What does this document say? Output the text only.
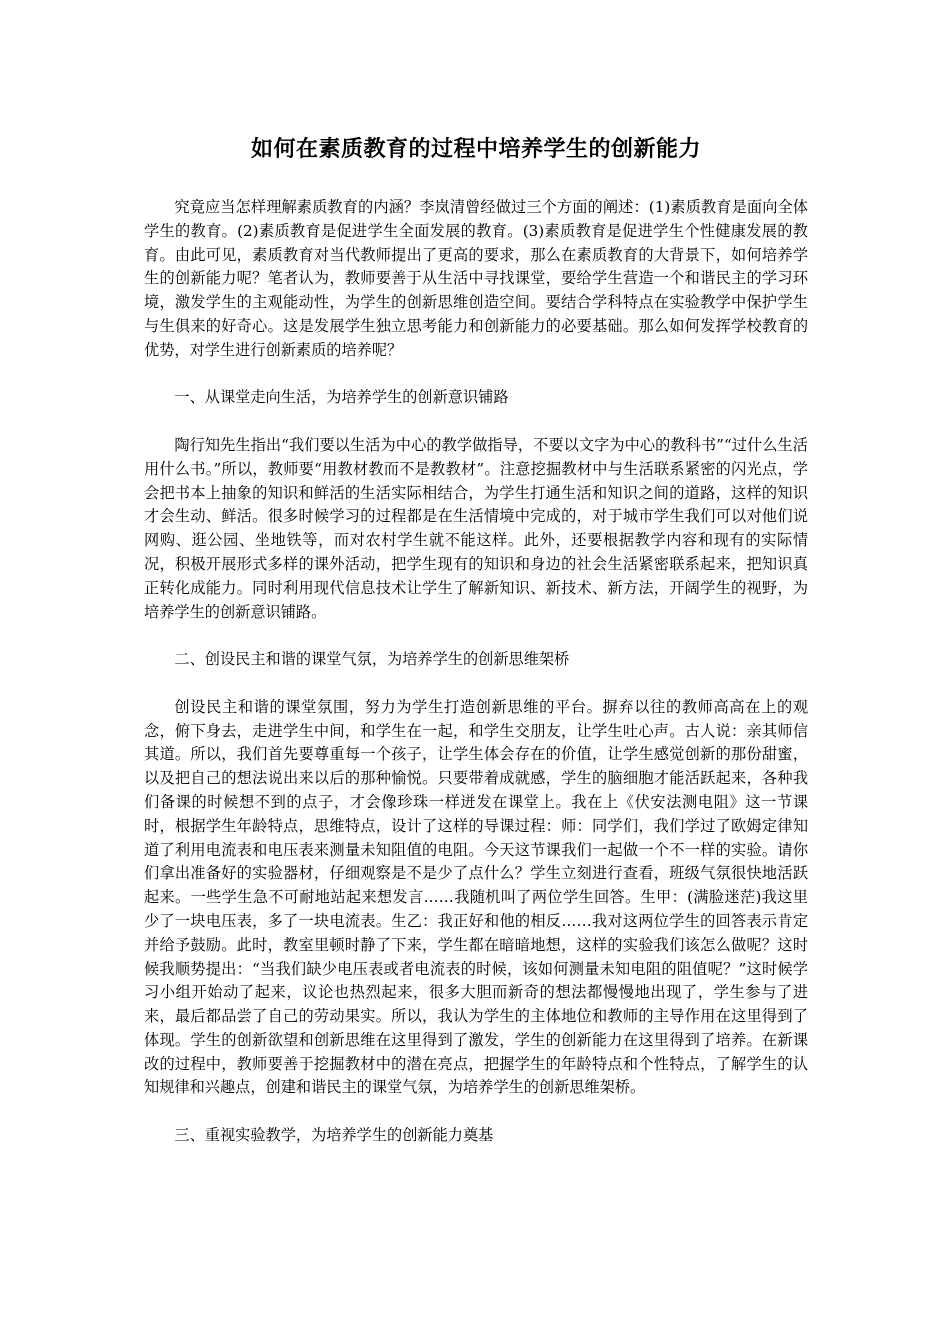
如何在素质教育的过程中培养学生的创新能力

究竟应当怎样理解素质教育的内涵？李岚清曾经做过三个方面的阐述：(1)素质教育是面向全体学生的教育。(2)素质教育是促进学生全面发展的教育。(3)素质教育是促进学生个性健康发展的教育。由此可见，素质教育对当代教师提出了更高的要求，那么在素质教育的大背景下，如何培养学生的创新能力呢？笔者认为，教师要善于从生活中寻找课堂，要给学生营造一个和谐民主的学习环境，激发学生的主观能动性，为学生的创新思维创造空间。要结合学科特点在实验教学中保护学生与生俱来的好奇心。这是发展学生独立思考能力和创新能力的必要基础。那么如何发挥学校教育的优势，对学生进行创新素质的培养呢？

一、从课堂走向生活，为培养学生的创新意识铺路

陶行知先生指出“我们要以生活为中心的教学做指导，不要以文字为中心的教科书”“过什么生活用什么书。”所以，教师要“用教材教而不是教教材”。注意挖掘教材中与生活联系紧密的闪光点，学会把书本上抽象的知识和鲜活的生活实际相结合，为学生打通生活和知识之间的道路，这样的知识才会生动、鲜活。很多时候学习的过程都是在生活情境中完成的，对于城市学生我们可以对他们说网购、逛公园、坐地铁等，而对农村学生就不能这样。此外，还要根据教学内容和现有的实际情况，积极开展形式多样的课外活动，把学生现有的知识和身边的社会生活紧密联系起来，把知识真正转化成能力。同时利用现代信息技术让学生了解新知识、新技术、新方法，开阔学生的视野，为培养学生的创新意识铺路。

二、创设民主和谐的课堂气氛，为培养学生的创新思维架桥

创设民主和谐的课堂氛围，努力为学生打造创新思维的平台。摒弃以往的教师高高在上的观念，俯下身去，走进学生中间，和学生在一起，和学生交朋友，让学生吐心声。古人说：亲其师信其道。所以，我们首先要尊重每一个孩子，让学生体会存在的价值，让学生感觉创新的那份甜蜜，以及把自己的想法说出来以后的那种愉悦。只要带着成就感，学生的脑细胞才能活跃起来，各种我们备课的时候想不到的点子，才会像珍珠一样迸发在课堂上。我在上《伏安法测电阻》这一节课时，根据学生年龄特点，思维特点，设计了这样的导课过程：师：同学们，我们学过了欧姆定律知道了利用电流表和电压表来测量未知阻值的电阻。今天这节课我们一起做一个不一样的实验。请你们拿出准备好的实验器材，仔细观察是不是少了点什么？学生立刻进行查看，班级气氛很快地活跃起来。一些学生急不可耐地站起来想发言……我随机叫了两位学生回答。生甲：(满脸迷茫)我这里少了一块电压表，多了一块电流表。生乙：我正好和他的相反……我对这两位学生的回答表示肯定并给予鼓励。此时，教室里顿时静了下来，学生都在暗暗地想，这样的实验我们该怎么做呢？这时候我顺势提出：“当我们缺少电压表或者电流表的时候，该如何测量未知电阻的阻值呢？”这时候学习小组开始动了起来，议论也热烈起来，很多大胆而新奇的想法都慢慢地出现了，学生参与了进来，最后都品尝了自己的劳动果实。所以，我认为学生的主体地位和教师的主导作用在这里得到了体现。学生的创新欲望和创新思维在这里得到了激发，学生的创新能力在这里得到了培养。在新课改的过程中，教师要善于挖掘教材中的潜在亮点，把握学生的年龄特点和个性特点，了解学生的认知规律和兴趣点，创建和谐民主的课堂气氛，为培养学生的创新思维架桥。

三、重视实验教学，为培养学生的创新能力奠基
